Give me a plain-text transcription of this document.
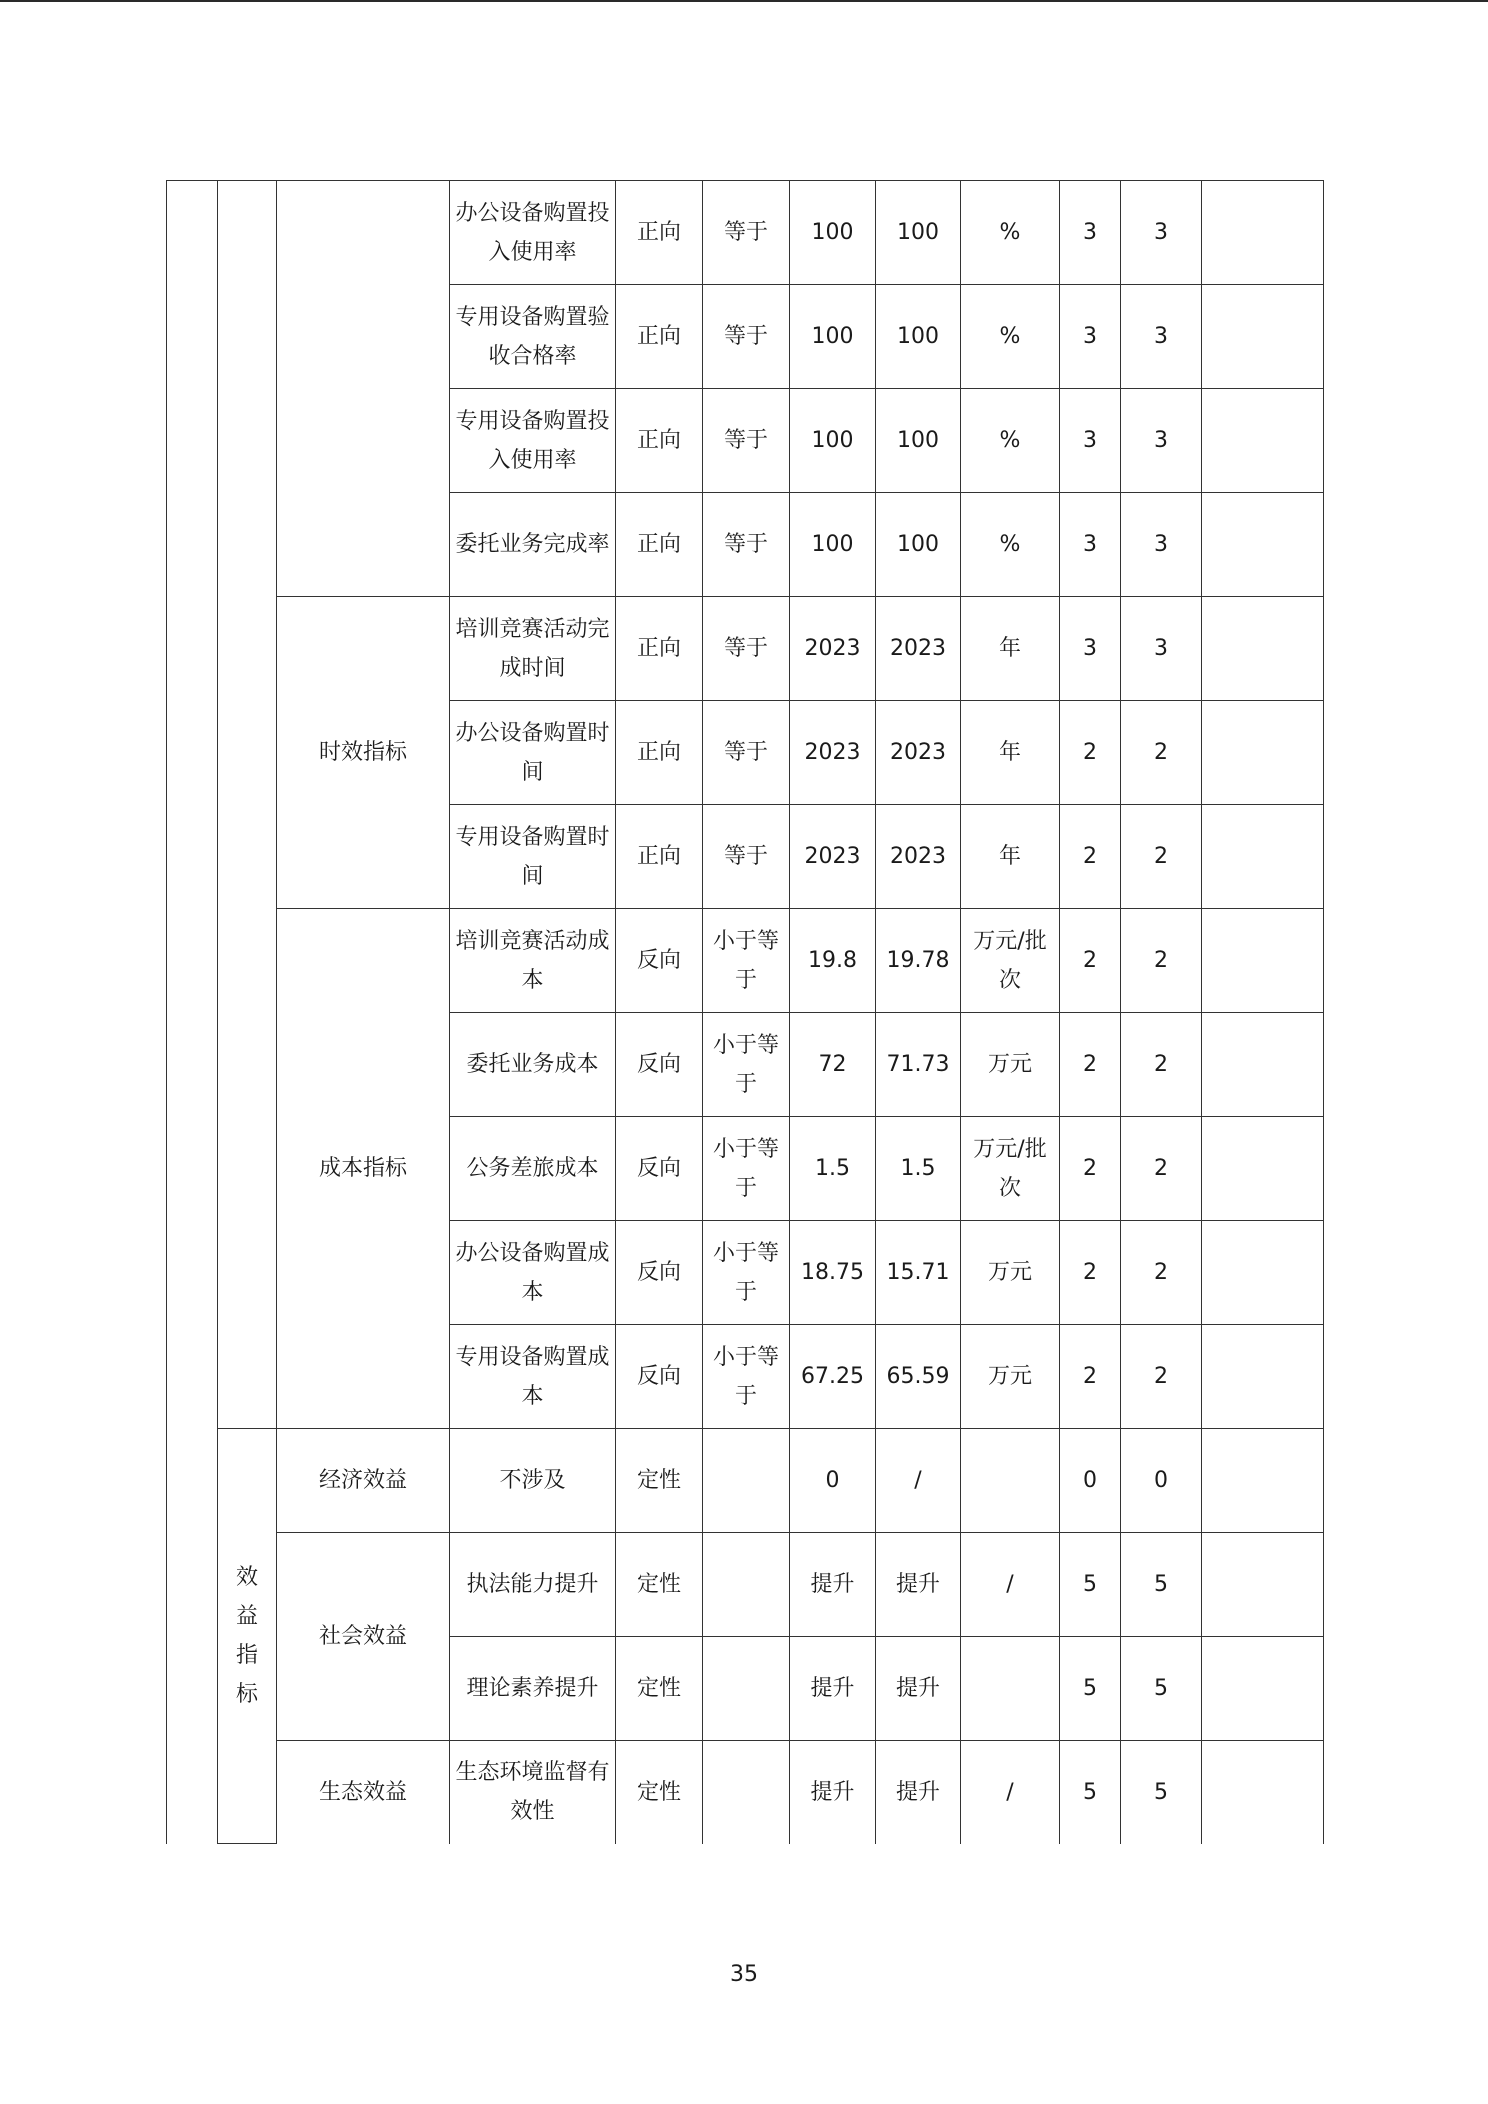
			办公设备购置投入使用率	正向	等于	100	100	%	3	3	
			专用设备购置验收合格率	正向	等于	100	100	%	3	3	
			专用设备购置投入使用率	正向	等于	100	100	%	3	3	
			委托业务完成率	正向	等于	100	100	%	3	3	
		时效指标	培训竞赛活动完成时间	正向	等于	2023	2023	年	3	3	
			办公设备购置时间	正向	等于	2023	2023	年	2	2	
			专用设备购置时间	正向	等于	2023	2023	年	2	2	
		成本指标	培训竞赛活动成本	反向	小于等于	19.8	19.78	万元/批次	2	2	
			委托业务成本	反向	小于等于	72	71.73	万元	2	2	
			公务差旅成本	反向	小于等于	1.5	1.5	万元/批次	2	2	
			办公设备购置成本	反向	小于等于	18.75	15.71	万元	2	2	
			专用设备购置成本	反向	小于等于	67.25	65.59	万元	2	2	

	效益指标	经济效益	不涉及	定性		0	/		0	0	
		社会效益	执法能力提升	定性		提升	提升	/	5	5	
			理论素养提升	定性		提升	提升		5	5	
		生态效益	生态环境监督有效性	定性		提升	提升	/	5	5	
35
